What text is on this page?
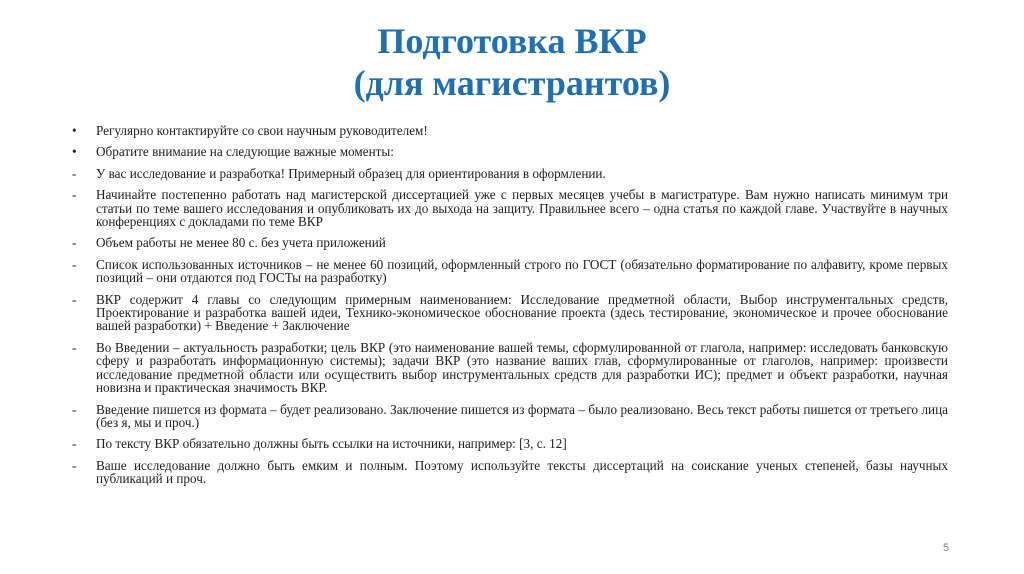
Подготовка ВКР
(для магистрантов)
•	Регулярно контактируйте со свои научным руководителем!
•	Обратите внимание на следующие важные моменты:
-	У вас исследование и разработка! Примерный образец для ориентирования в оформлении.
-	Начинайте постепенно работать над магистерской диссертацией уже с первых месяцев учебы в магистратуре. Вам нужно написать минимум три статьи по теме вашего исследования и опубликовать их до выхода на защиту. Правильнее всего – одна статья по каждой главе. Участвуйте в научных конференциях с докладами по теме ВКР
-	Объем работы не менее 80 с. без учета приложений
-	Список использованных источников – не менее 60 позиций, оформленный строго по ГОСТ (обязательно форматирование по алфавиту, кроме первых позиций – они отдаются под ГОСТы на разработку)
-	ВКР содержит 4 главы со следующим примерным наименованием: Исследование предметной области, Выбор инструментальных средств, Проектирование и разработка вашей идеи, Технико-экономическое обоснование проекта (здесь тестирование, экономическое и прочее обоснование вашей разработки) + Введение + Заключение
-	Во Введении – актуальность разработки; цель ВКР (это наименование вашей темы, сформулированной от глагола, например: исследовать банковскую сферу и разработать информационную системы); задачи ВКР (это название ваших глав, сформулированные от глаголов, например: произвести исследование предметной области или осуществить выбор инструментальных средств для разработки ИС); предмет и объект разработки, научная новизна и практическая значимость ВКР.
-	Введение пишется из формата – будет реализовано. Заключение пишется из формата – было реализовано. Весь текст работы пишется от третьего лица (без я, мы и проч.)
-	По тексту ВКР обязательно должны быть ссылки на источники, например: [3, с. 12]
-	Ваше исследование должно быть емким и полным. Поэтому используйте тексты диссертаций на соискание ученых степеней, базы научных публикаций и проч.
5
